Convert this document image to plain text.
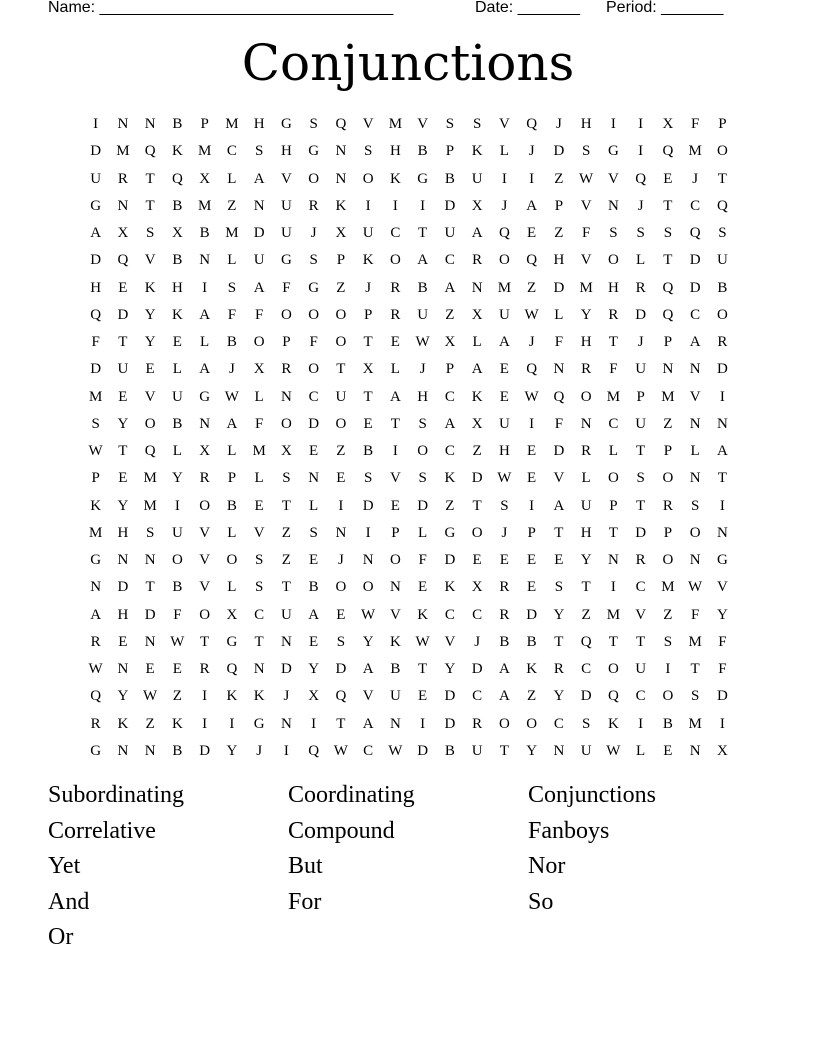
Name: _________________________________	Date: _______ Period: _______
Conjunctions
I	N	N	B	P	M	H	G	S	Q	V	M	V	S	S	V	Q	J	H	I	I	X	F	P
D	M	Q	K	M	C	S	H	G	N	S	H	B	P	K	L	J	D	S	G	I	Q	M	O
U	R	T	Q	X	L	A	V	O	N	O	K	G	B	U	I	I	Z	W V	Q	E	J	T
G	N	T	B	M	Z	N	U	R	K	I	I	I	D	X	J	A	P	V	N	J	T	C	Q
A	X	S	X	B	M	D	U	J	X	U	C	T	U	A	Q	E	Z	F	S	S	S	Q	S
D	Q	V	B	N	L	U	G	S	P	K	O	A	C	R	O	Q	H	V	O	L	T	D	U
H	E	K	H	I	S	A	F	G	Z	J	R	B	A	N	M	Z	D	M	H	R	Q	D	B
Q	D	Y	K	A	F	F	O	O	O	P	R	U	Z	X	U W	L	Y	R	D	Q	C	O
F	T	Y	E	L	B	O	P	F	O	T	E	W X	L	A	J	F	H	T	J	P	A	R
D	U	E	L	A	J	X	R	O	T	X	L	J	P	A	E	Q	N	R	F	U	N	N	D
M	E	V	U	G W	L	N	C	U	T	A	H	C	K	E	W Q	O	M	P	M	V	I
S	Y	O	B	N	A	F	O	D	O	E	T	S	A	X	U	I	F	N	C	U	Z	N	N
W	T	Q	L	X	L	M	X	E	Z	B	I	O	C	Z	H	E	D	R	L	T	P	L	A
P	E	M	Y	R	P	L	S	N	E	S	V	S	K	D W	E	V	L	O	S	O	N	T
K	Y	M	I	O	B	E	T	L	I	D	E	D	Z	T	S	I	A	U	P	T	R	S	I
M	H	S	U	V	L	V	Z	S	N	I	P	L	G	O	J	P	T	H	T	D	P	O	N
G	N	N	O	V	O	S	Z	E	J	N	O	F	D	E	E	E	E	Y	N	R	O	N	G
N	D	T	B	V	L	S	T	B	O	O	N	E	K	X	R	E	S	T	I	C	M W V
A	H	D	F	O	X	C	U	A	E	W V	K	C	C	R	D	Y	Z	M	V	Z	F	Y
R	E	N W	T	G	T	N	E	S	Y	K W V	J	B	B	T	Q	T	T	S	M	F
W N	E	E	R	Q	N	D	Y	D	A	B	T	Y	D	A	K	R	C	O	U	I	T	F
Q	Y W	Z	I	K	K	J	X	Q	V	U	E	D	C	A	Z	Y	D	Q	C	O	S	D
R	K	Z	K	I	I	G	N	I	T	A	N	I	D	R	O	O	C	S	K	I	B	M	I
G	N	N	B	D	Y	J	I	Q W	C	W D	B	U	T	Y	N	U W	L	E	N	X
Subordinating	Coordinating	Conjunctions
Correlative	Compound	Fanboys
Yet	But	Nor
And	For	So
Or
